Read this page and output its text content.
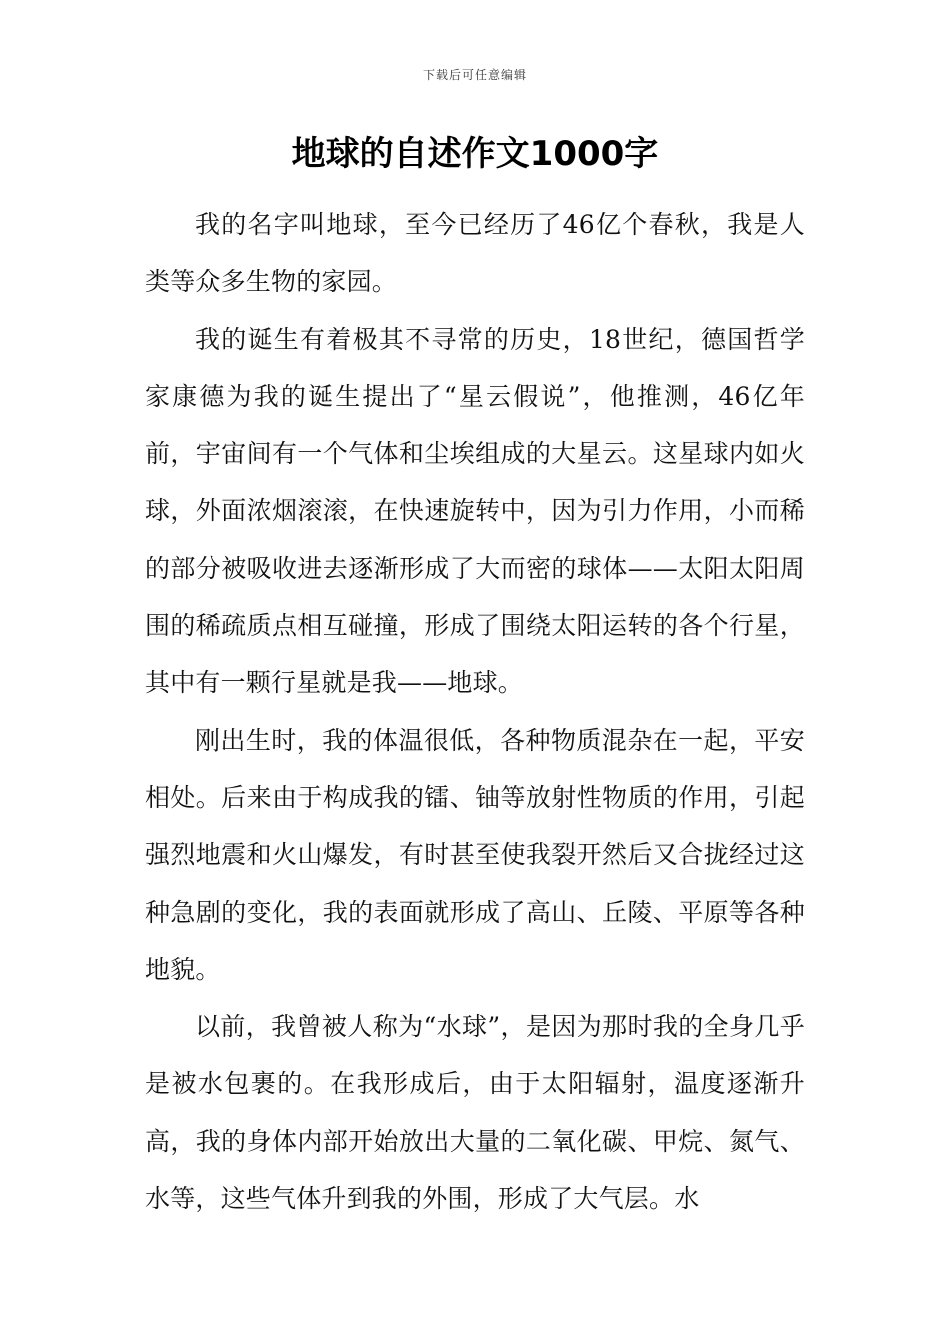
下载后可任意编辑
地球的自述作文1000字

我的名字叫地球，至今已经历了46亿个春秋，我是人类等众多生物的家园。

我的诞生有着极其不寻常的历史，18世纪，德国哲学家康德为我的诞生提出了“星云假说”，他推测，46亿年前，宇宙间有一个气体和尘埃组成的大星云。这星球内如火球，外面浓烟滚滚，在快速旋转中，因为引力作用，小而稀的部分被吸收进去逐渐形成了大而密的球体——太阳太阳周围的稀疏质点相互碰撞，形成了围绕太阳运转的各个行星，其中有一颗行星就是我——地球。

刚出生时，我的体温很低，各种物质混杂在一起，平安相处。后来由于构成我的镭、铀等放射性物质的作用，引起强烈地震和火山爆发，有时甚至使我裂开然后又合拢经过这种急剧的变化，我的表面就形成了高山、丘陵、平原等各种地貌。

以前，我曾被人称为“水球”，是因为那时我的全身几乎是被水包裹的。在我形成后，由于太阳辐射，温度逐渐升高，我的身体内部开始放出大量的二氧化碳、甲烷、氮气、水等，这些气体升到我的外围，形成了大气层。水
